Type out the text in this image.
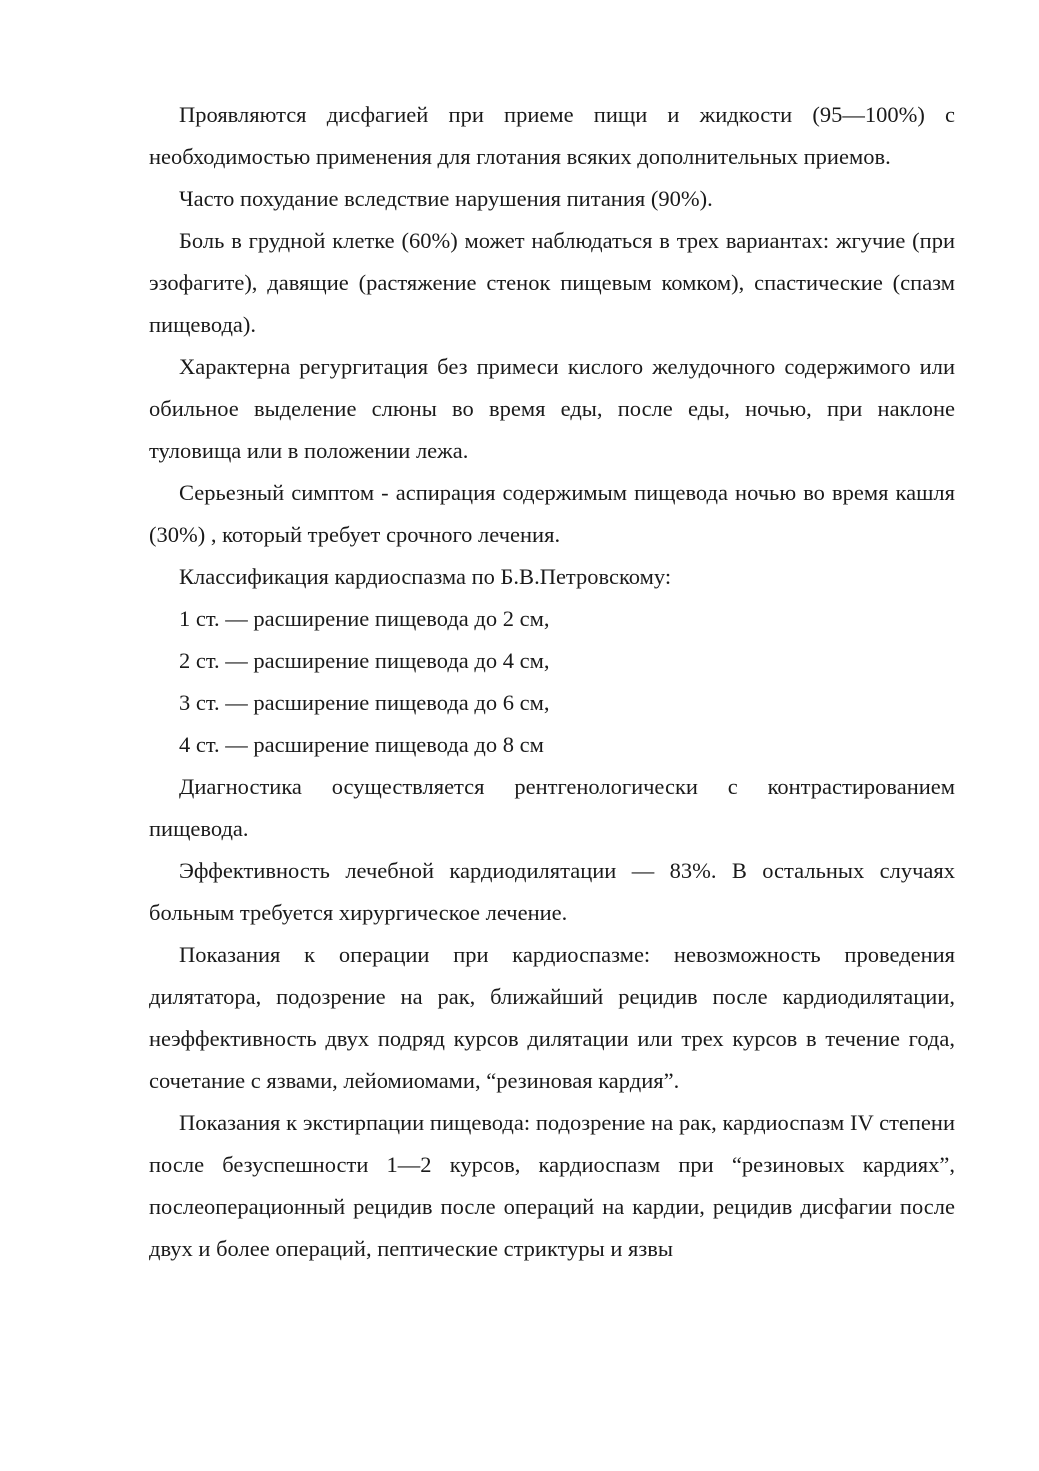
Проявляются дисфагией при приеме пищи и жидкости (95—100%) с необходимостью применения для глотания всяких дополнительных приемов.

Часто похудание вследствие нарушения питания (90%).

Боль в грудной клетке (60%) может наблюдаться в трех вариантах: жгучие (при эзофагите), давящие (растяжение стенок пищевым комком), спастические (спазм пищевода).

Характерна регургитация без примеси кислого желудочного содержимого или обильное выделение слюны во время еды, после еды, ночью, при наклоне туловища или в положении лежа.

Серьезный симптом - аспирация содержимым пищевода ночью во время кашля (30%) , который требует срочного лечения.

Классификация кардиоспазма по Б.В.Петровскому:

1 ст. — расширение пищевода до 2 см,

2 ст. — расширение пищевода до 4 см,

3 ст. — расширение пищевода до 6 см,

4 ст. — расширение пищевода до 8 см

Диагностика осуществляется рентгенологически с контрастированием пищевода.

Эффективность лечебной кардиодилятации — 83%. В остальных случаях больным требуется хирургическое лечение.

Показания к операции при кардиоспазме: невозможность проведения дилятатора, подозрение на рак, ближайший рецидив после кардиодилятации, неэффективность двух подряд курсов дилятации или трех курсов в течение года, сочетание с язвами, лейомиомами, “резиновая кардия”.

Показания к экстирпации пищевода: подозрение на рак, кардиоспазм IV степени после безуспешности 1—2 курсов, кардиоспазм при “резиновых кардиях”, послеоперационный рецидив после операций на кардии, рецидив дисфагии после двух и более операций, пептические стриктуры и язвы
